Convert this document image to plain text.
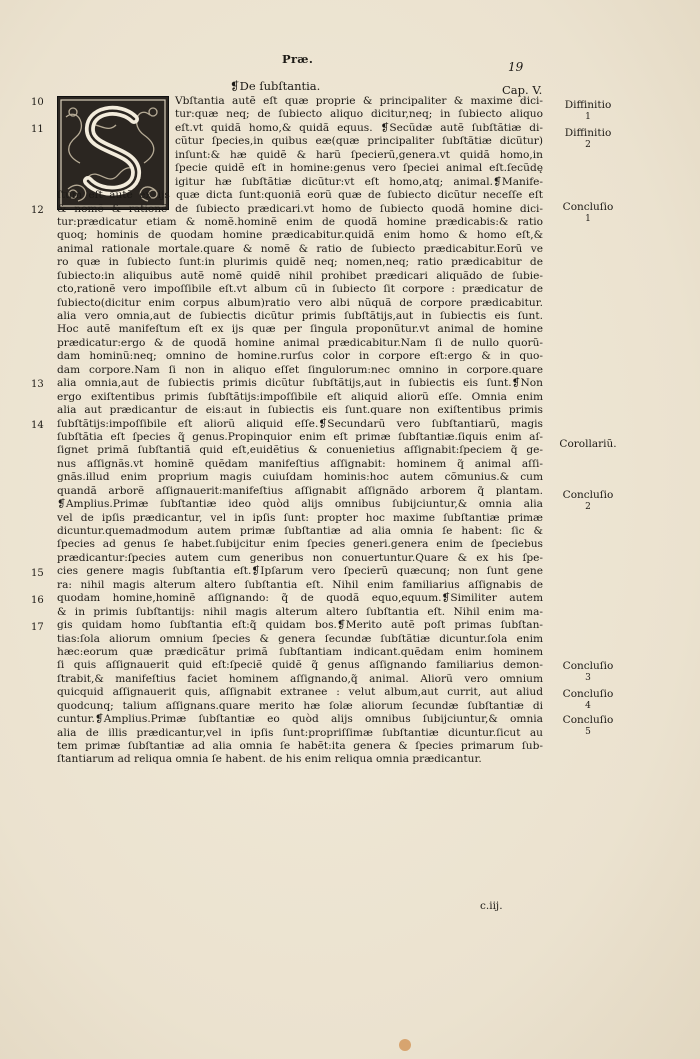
Præ.
19
❡De ſubſtantia.	Cap. V.
Vbſtantia autẽ eſt quæ proprie & principaliter & maxime dici-
tur:quæ neq; de ſubiecto aliquo dicitur,neq; in ſubiecto aliquo
eſt.vt quidã homo,& quidã equus. ❡Secũdæ autẽ ſubſtãtiæ di-
cũtur ſpecies,in quibus eæ(quæ principaliter ſubſtãtiæ dicũtur)
inſunt:& hæ quidẽ & harũ ſpecierũ,genera.vt quidã homo,in
ſpecie quidẽ eſt in homine:genus vero ſpeciei animal eſt.ſecũdę
igitur hæ ſubſtãtiæ dicũtur:vt eſt homo,atq; animal.❡Manife-
ſtum eſt autẽ ex ijs quæ dicta ſunt:quoniã eorũ quæ de ſubiecto dicũtur neceſſe eſt
& nomẽ & rationẽ de ſubiecto prædicari.vt homo de ſubiecto quodã homine dici-
tur:prædicatur etiam & nomẽ.hominẽ enim de quodã homine prædicabis:& ratio
quoq; hominis de quodam homine prædicabitur.quidã enim homo & homo eſt,&
animal rationale mortale.quare & nomẽ & ratio de ſubiecto prædicabitur.Eorũ ve
ro quæ in ſubiecto ſunt:in plurimis quidẽ neq; nomen,neq; ratio prædicabitur de
ſubiecto:in aliquibus autẽ nomẽ quidẽ nihil prohibet prædicari aliquãdo de ſubie-
cto,rationẽ vero impoſſibile eſt.vt album cũ in ſubiecto ſit corpore : prædicatur de
ſubiecto(dicitur enim corpus album)ratio vero albi nũquã de corpore prædicabitur.
alia vero omnia,aut de ſubiectis dicũtur primis ſubſtãtijs,aut in ſubiectis eis ſunt.
Hoc autẽ manifeſtum eſt ex ijs quæ per ſingula proponũtur.vt animal de homine
prædicatur:ergo & de quodã homine animal prædicabitur.Nam ſi de nullo quorũ-
dam hominũ:neq; omnino de homine.rurſus color in corpore eſt:ergo & in quo-
dam corpore.Nam ſi non in aliquo eſſet ſingulorum:nec omnino in corpore.quare
alia omnia,aut de ſubiectis primis dicũtur ſubſtãtijs,aut in ſubiectis eis ſunt.❡Non
ergo exiſtentibus primis ſubſtãtijs:impoſſibile eſt aliquid aliorũ eſſe. Omnia enim
alia aut prædicantur de eis:aut in ſubiectis eis ſunt.quare non exiſtentibus primis
ſubſtãtijs:impoſſibile eſt aliorũ aliquid eſſe.❡Secundarũ vero ſubſtantiarũ, magis
ſubſtãtia eſt ſpecies q̃ genus.Propinquior enim eſt primæ ſubſtantiæ.ſiquis enim aſ-
ſignet primã ſubſtantiã quid eſt,euidẽtius & conuenietius aſſignabit:ſpeciem q̃ ge-
nus aſſignãs.vt hominẽ quẽdam manifeſtius aſſignabit: hominem q̃ animal aſſi-
gnãs.illud enim proprium magis cuiuſdam hominis:hoc autem cõmunius.& cum
quandã arborẽ aſſignauerit:manifeſtius aſſignabit aſſignãdo arborem q̃ plantam.
❡Amplius.Primæ ſubſtantiæ ideo quòd alijs omnibus ſubijciuntur,& omnia alia
vel de ipſis prædicantur, vel in ipſis ſunt: propter hoc maxime ſubſtantiæ primæ
dicuntur.quemadmodum autem primæ ſubſtantiæ ad alia omnia ſe habent: ſic &
ſpecies ad genus ſe habet.ſubijcitur enim ſpecies generi.genera enim de ſpeciebus
prædicantur:ſpecies autem cum generibus non conuertuntur.Quare & ex his ſpe-
cies genere magis ſubſtantia eſt.❡Ipſarum vero ſpecierũ quæcunq; non ſunt gene
ra: nihil magis alterum altero ſubſtantia eſt. Nihil enim familiarius aſſignabis de
quodam homine,hominẽ aſſignando: q̃ de quodã equo,equum.❡Similiter autem
& in primis ſubſtantijs: nihil magis alterum altero ſubſtantia eſt. Nihil enim ma-
gis quidam homo ſubſtantia eſt:q̃ quidam bos.❡Merito autẽ poſt primas ſubſtan-
tias:ſola aliorum omnium ſpecies & genera ſecundæ ſubſtãtiæ dicuntur.ſola enim
hæc:eorum quæ prædicãtur primã ſubſtantiam indicant.quẽdam enim hominem
ſi quis aſſignauerit quid eſt:ſpeciẽ quidẽ q̃ genus aſſignando familiarius demon-
ſtrabit,& manifeſtius faciet hominem aſſignando,q̃ animal. Aliorũ vero omnium
quicquid aſſignauerit quis, aſſignabit extranee : velut album,aut currit, aut aliud
quodcunq; talium aſſignans.quare merito hæ ſolæ aliorum ſecundæ ſubſtantiæ di
cuntur.❡Amplius.Primæ ſubſtantiæ eo quòd alijs omnibus ſubijciuntur,& omnia
alia de illis prædicantur,vel in ipſis ſunt:propriſſimæ ſubſtantiæ dicuntur.ſicut au
tem primæ ſubſtantiæ ad alia omnia ſe habẽt:ita genera & ſpecies primarum ſub-
ſtantiarum ad reliqua omnia ſe habent. de his enim reliqua omnia prædicantur.
10
11
12
13
14
15
16
17
Diffinitio
1
Diffinitio
2
Concluſio
1
Corollariũ.
Concluſio
2
Concluſio
3
Concluſio
4
Concluſio
5
c.iij.
